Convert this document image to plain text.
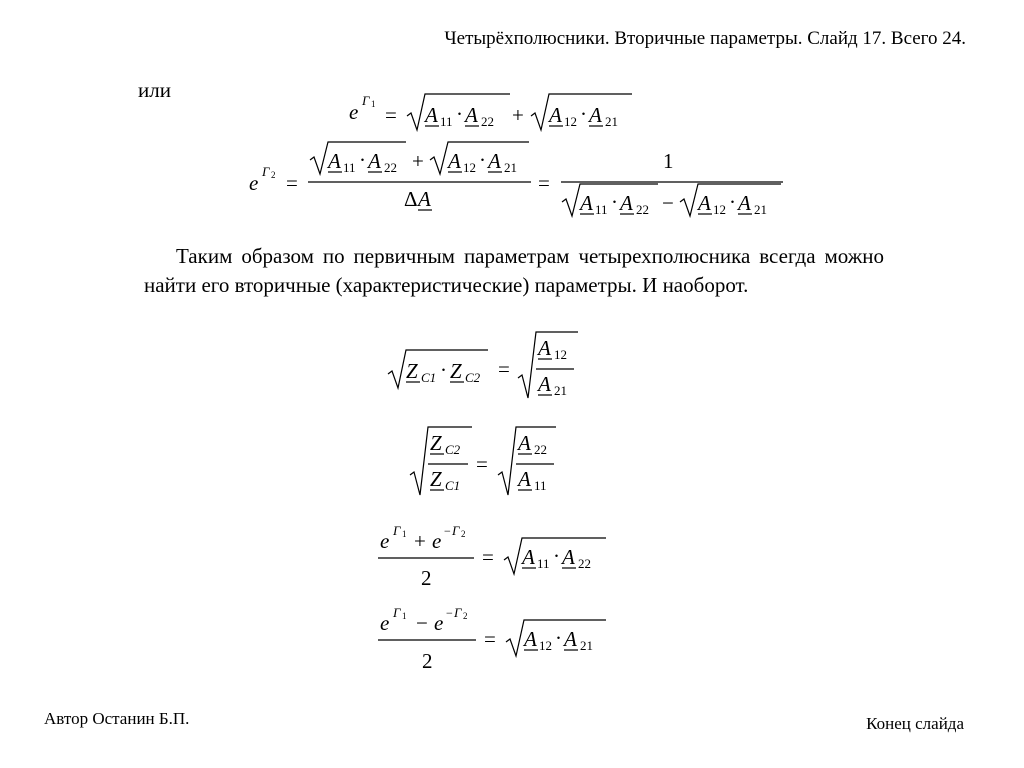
Четырёхполюсники. Вторичные параметры. Слайд 17. Всего 24.
или
e Γ 1 = A 11 · A 22 + A 12 · A 21
e Γ 2 =
A 11 · A 22 + A 12 · A 21
Δ A
=
1
A 11 · A 22 − A 12 · A 21
Таким образом по первичным параметрам четырехполюсника всегда можно найти его вторичные (характеристические) параметры. И наоборот.
Z C1 · Z C2 =
A 12
A 21
Z C2
Z C1
=
A 22
A 11
e Γ 1 + e − Γ 2
2
= A 11 · A 22
e Γ 1 − e − Γ 2
2
= A 12 · A 21
Автор Останин Б.П.	Конец слайда
